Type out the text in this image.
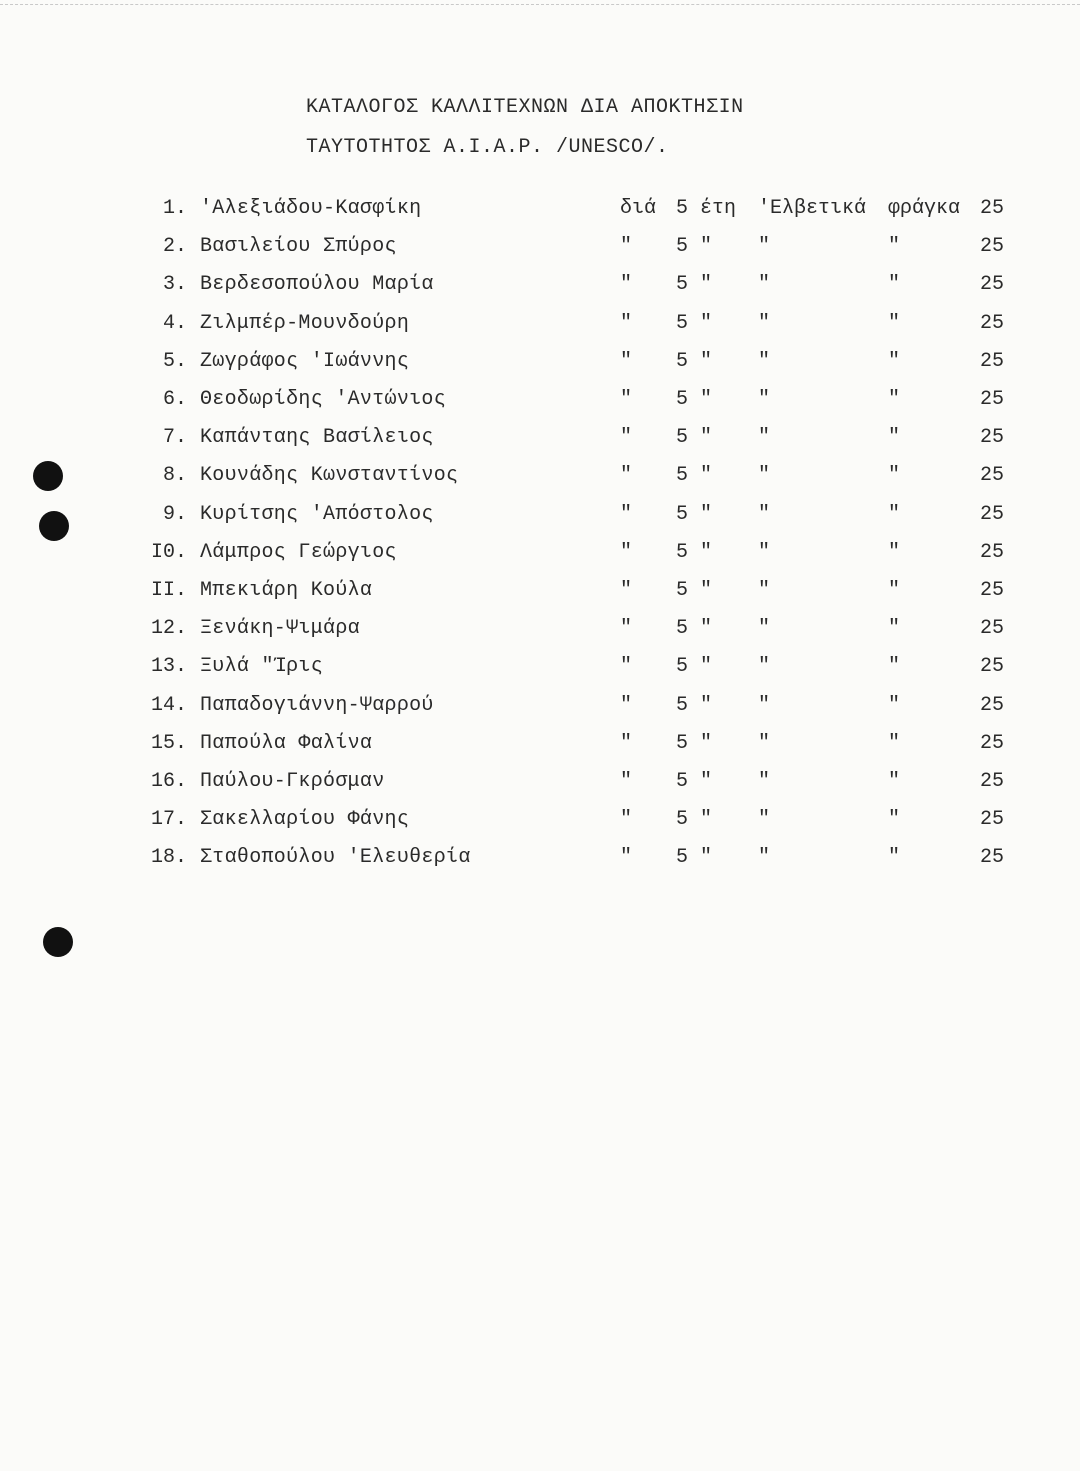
ΚΑΤΑΛΟΓΟΣ ΚΑΛΛΙΤΕΧΝΩΝ ΔΙΑ ΑΠΟΚΤΗΣΙΝ
ΤΑΥΤΟΤΗΤΟΣ Α.Ι.Α.Ρ. /UNESCO/.
1. 'Αλεξιάδου-Κασφίκη	διά 5 έτη 'Ελβετικά φράγκα 25
2. Βασιλείου Σπύρος	" 5 " "	"	25
3. Βερδεσοπούλου Μαρία	" 5 " "	"	25
4. Ζιλμπέρ-Μουνδούρη	" 5 " "	"	25
5. Ζωγράφος 'Ιωάννης	" 5 " "	"	25
6. Θεοδωρίδης 'Αντώνιος	" 5 " "	"	25
7. Καπάνταης Βασίλειος	" 5 " "	"	25
8. Κουνάδης Κωνσταντίνος	" 5 " "	"	25
9. Κυρίτσης 'Απόστολος	" 5 " "	"	25
Ι0. Λάμπρος Γεώργιος	" 5 " "	"	25
ΙΙ. Μπεκιάρη Κούλα	" 5 " "	"	25
12. Ξενάκη-Ψιμάρα	" 5 " "	"	25
13. Ξυλά "Ίρις	" 5 " "	"	25
14. Παπαδογιάννη-Ψαρρού	" 5 " "	"	25
15. Παπούλα Φαλίνα	" 5 " "	"	25
16. Παύλου-Γκρόσμαν	" 5 " "	"	25
17. Σακελλαρίου Φάνης	" 5 " "	"	25
18. Σταθοπούλου 'Ελευθερία	" 5 " "	"	25
